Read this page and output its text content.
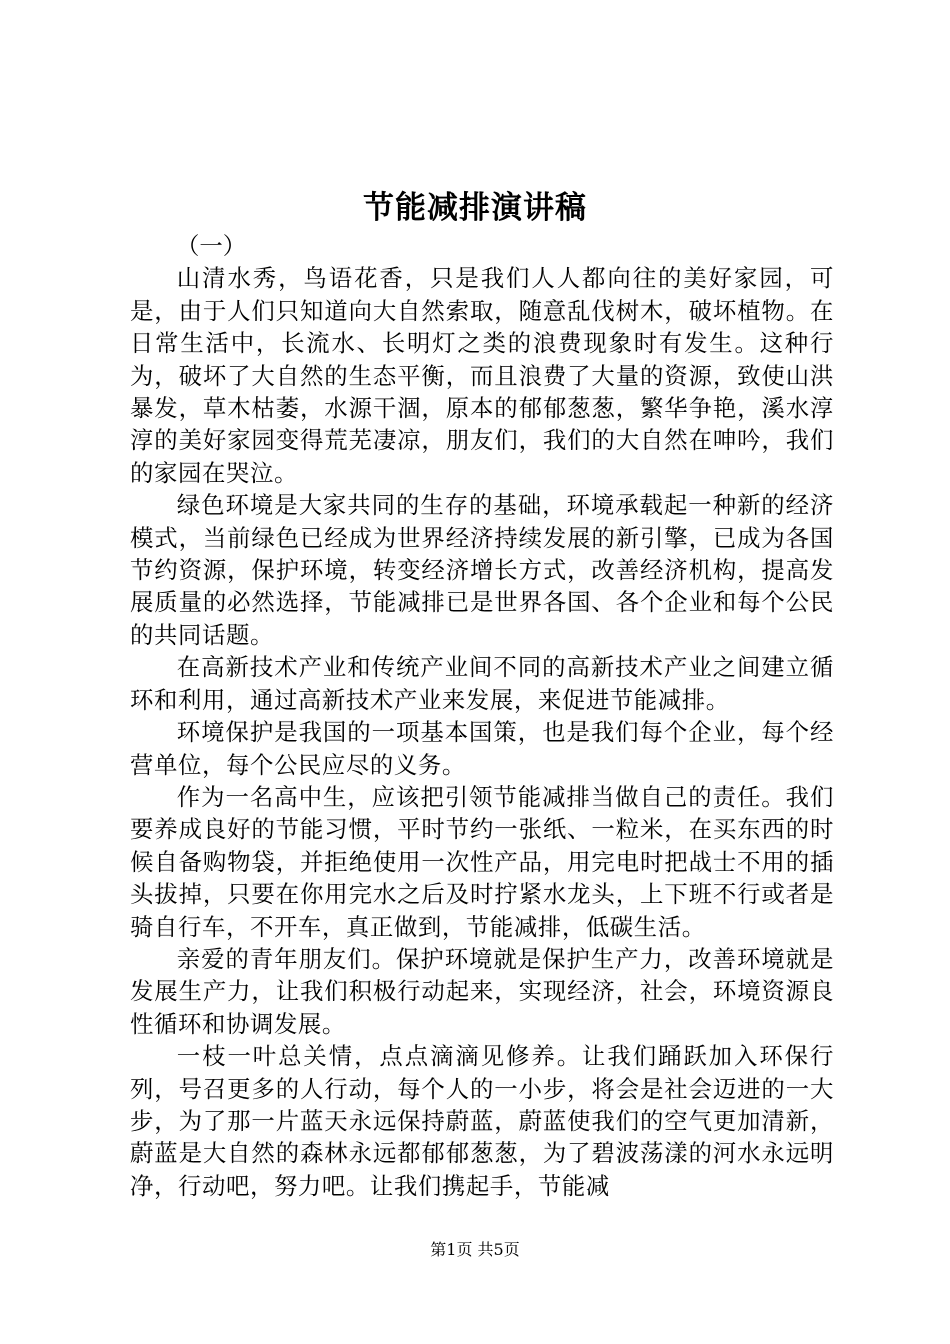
节能减排演讲稿

（一）

山清水秀，鸟语花香，只是我们人人都向往的美好家园，可是，由于人们只知道向大自然索取，随意乱伐树木，破坏植物。在日常生活中，长流水、长明灯之类的浪费现象时有发生。这种行为，破坏了大自然的生态平衡，而且浪费了大量的资源，致使山洪暴发，草木枯萎，水源干涸，原本的郁郁葱葱，繁华争艳，溪水淳淳的美好家园变得荒芜凄凉，朋友们，我们的大自然在呻吟，我们的家园在哭泣。

绿色环境是大家共同的生存的基础，环境承载起一种新的经济模式，当前绿色已经成为世界经济持续发展的新引擎，已成为各国节约资源，保护环境，转变经济增长方式，改善经济机构，提高发展质量的必然选择，节能减排已是世界各国、各个企业和每个公民的共同话题。

在高新技术产业和传统产业间不同的高新技术产业之间建立循环和利用，通过高新技术产业来发展，来促进节能减排。

环境保护是我国的一项基本国策，也是我们每个企业，每个经营单位，每个公民应尽的义务。

作为一名高中生，应该把引领节能减排当做自己的责任。我们要养成良好的节能习惯，平时节约一张纸、一粒米，在买东西的时候自备购物袋，并拒绝使用一次性产品，用完电时把战士不用的插头拔掉，只要在你用完水之后及时拧紧水龙头，上下班不行或者是骑自行车，不开车，真正做到，节能减排，低碳生活。

亲爱的青年朋友们。保护环境就是保护生产力，改善环境就是发展生产力，让我们积极行动起来，实现经济，社会，环境资源良性循环和协调发展。

一枝一叶总关情，点点滴滴见修养。让我们踊跃加入环保行列，号召更多的人行动，每个人的一小步，将会是社会迈进的一大步，为了那一片蓝天永远保持蔚蓝，蔚蓝使我们的空气更加清新，蔚蓝是大自然的森林永远都郁郁葱葱，为了碧波荡漾的河水永远明净，行动吧，努力吧。让我们携起手，节能减

第1页 共5页
